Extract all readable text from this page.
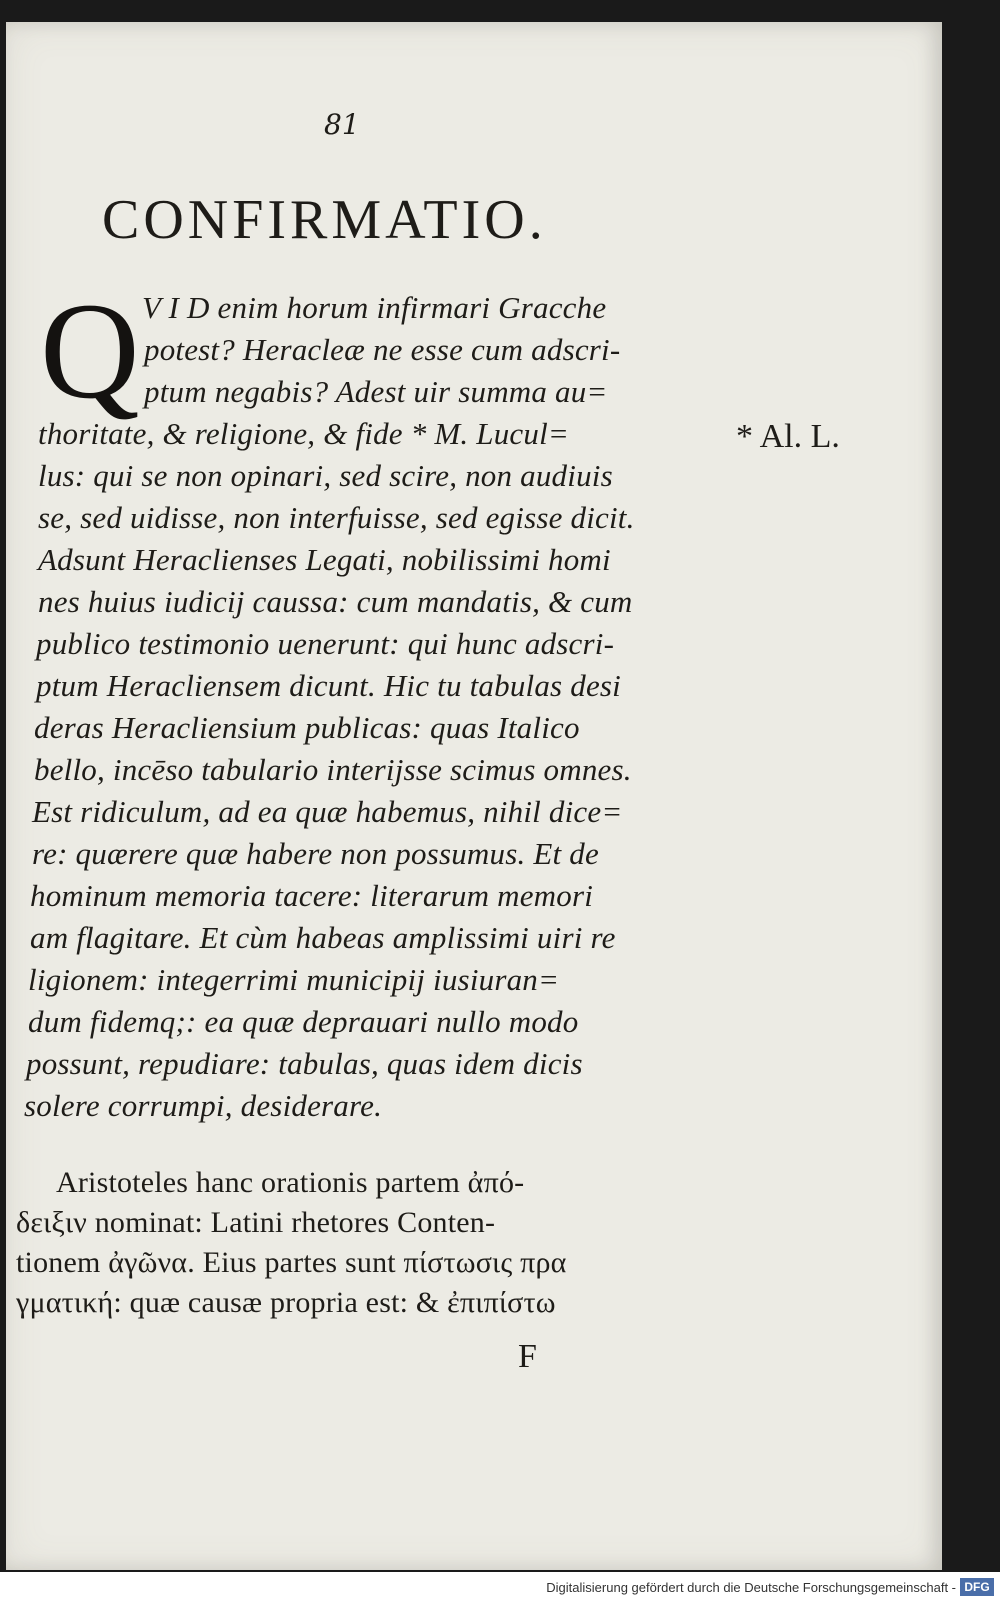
81
CONFIRMATIO.
Q V I D enim horum infirmari Gracche
potest? Heracleæ ne esse cum adscri-
ptum negabis? Adest uir summa au=
thoritate, & religione, & fide * M. Lucul=
lus: qui se non opinari, sed scire, non audiuis
se, sed uidisse, non interfuisse, sed egisse dicit.
Adsunt Heraclienses Legati, nobilissimi homi
nes huius iudicij caussa: cum mandatis, & cum
publico testimonio uenerunt: qui hunc adscri-
ptum Heracliensem dicunt. Hic tu tabulas desi
deras Heracliensium publicas: quas Italico
bello, incēso tabulario interijsse scimus omnes.
Est ridiculum, ad ea quæ habemus, nihil dice=
re: quærere quæ habere non possumus. Et de
hominum memoria tacere: literarum memori
am flagitare. Et cùm habeas amplissimi uiri re
ligionem: integerrimi municipij iusiuran=
dum fidemq;: ea quæ deprauari nullo modo
possunt, repudiare: tabulas, quas idem dicis
solere corrumpi, desiderare.
* Al. L.
Aristoteles hanc orationis partem ἀπό-
δειξιν nominat: Latini rhetores Conten-
tionem ἀγῶνα. Eius partes sunt πίστωσις πρα
γματική: quæ causæ propria est: & ἐπιπίστω
F
Digitalisierung gefördert durch die Deutsche Forschungsgemeinschaft - DFG
